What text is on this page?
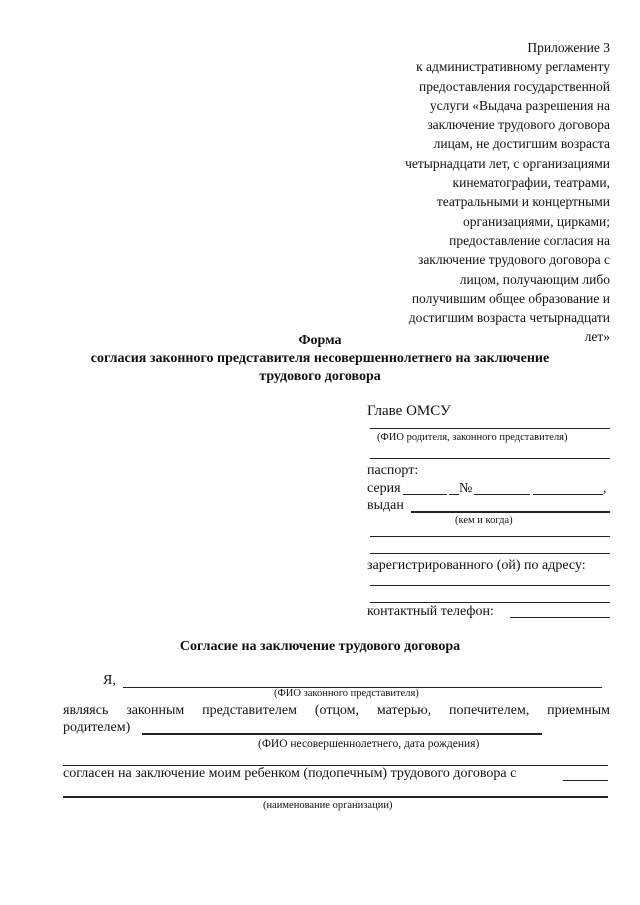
Приложение 3
к административному регламенту
предоставления государственной
услуги «Выдача разрешения на
заключение трудового договора
лицам, не достигшим возраста
четырнадцати лет, с организациями
кинематографии, театрами,
театральными и концертными
организациями, цирками;
предоставление согласия на
заключение трудового договора с
лицом, получающим либо
получившим общее образование и
достигшим возраста четырнадцати
лет»
Форма
согласия законного представителя несовершеннолетнего на заключение
трудового договора
Главе ОМСУ
(ФИО родителя, законного представителя)
паспорт:
серия	№	,
выдан
(кем и когда)
зарегистрированного (ой) по адресу:
контактный телефон:
Согласие на заключение трудового договора
Я,
(ФИО законного представителя)
являясь законным представителем (отцом, матерью, попечителем, приемным
родителем)
(ФИО несовершеннолетнего, дата рождения)
согласен на заключение моим ребенком (подопечным) трудового договора с
(наименование организации)
